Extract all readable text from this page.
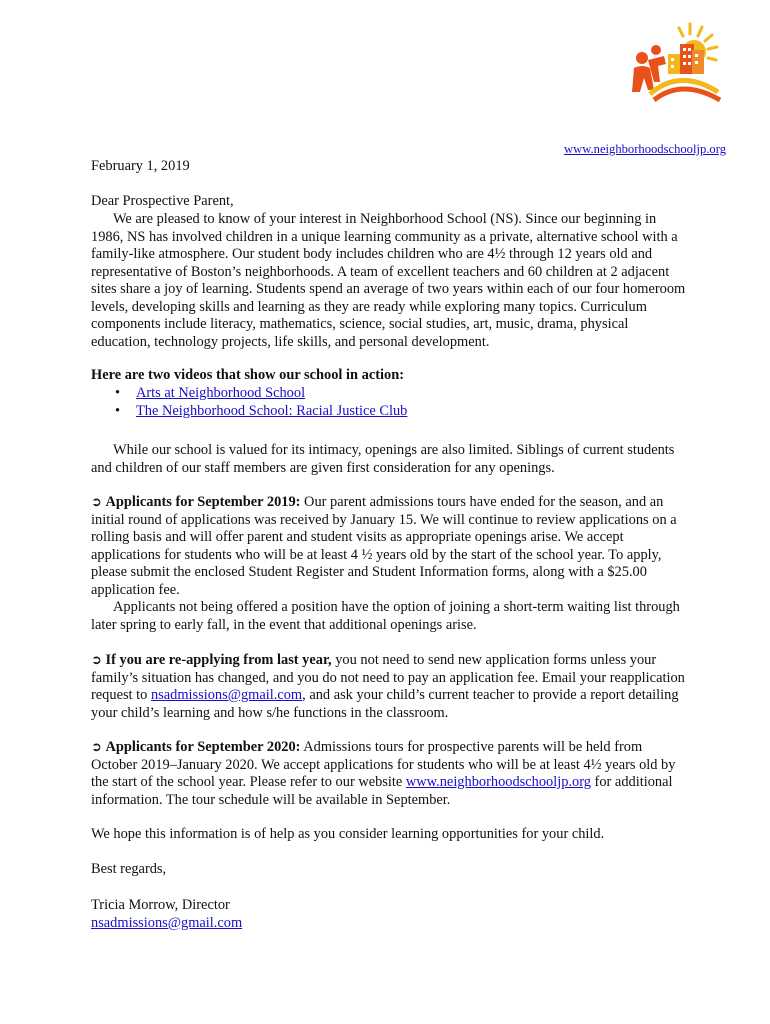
www.neighborhoodschooljp.org
February 1, 2019
Dear Prospective Parent,

We are pleased to know of your interest in Neighborhood School (NS). Since our beginning in 1986, NS has involved children in a unique learning community as a private, alternative school with a family-like atmosphere. Our student body includes children who are 4½ through 12 years old and representative of Boston’s neighborhoods. A team of excellent teachers and 60 children at 2 adjacent sites share a joy of learning. Students spend an average of two years within each of our four homeroom levels, developing skills and learning as they are ready while exploring many topics. Curriculum components include literacy, mathematics, science, social studies, art, music, drama, physical education, technology projects, life skills, and personal development.

Here are two videos that show our school in action:
• Arts at Neighborhood School
• The Neighborhood School: Racial Justice Club

While our school is valued for its intimacy, openings are also limited. Siblings of current students and children of our staff members are given first consideration for any openings.

➲ Applicants for September 2019: Our parent admissions tours have ended for the season, and an initial round of applications was received by January 15. We will continue to review applications on a rolling basis and will offer parent and student visits as appropriate openings arise. We accept applications for students who will be at least 4 ½ years old by the start of the school year. To apply, please submit the enclosed Student Register and Student Information forms, along with a $25.00 application fee.

Applicants not being offered a position have the option of joining a short-term waiting list through later spring to early fall, in the event that additional openings arise.

➲ If you are re-applying from last year, you not need to send new application forms unless your family’s situation has changed, and you do not need to pay an application fee. Email your reapplication request to nsadmissions@gmail.com, and ask your child’s current teacher to provide a report detailing your child’s learning and how s/he functions in the classroom.

➲ Applicants for September 2020: Admissions tours for prospective parents will be held from October 2019–January 2020. We accept applications for students who will be at least 4½ years old by the start of the school year. Please refer to our website www.neighborhoodschooljp.org for additional information. The tour schedule will be available in September.

We hope this information is of help as you consider learning opportunities for your child.
Best regards,
Tricia Morrow, Director
nsadmissions@gmail.com
